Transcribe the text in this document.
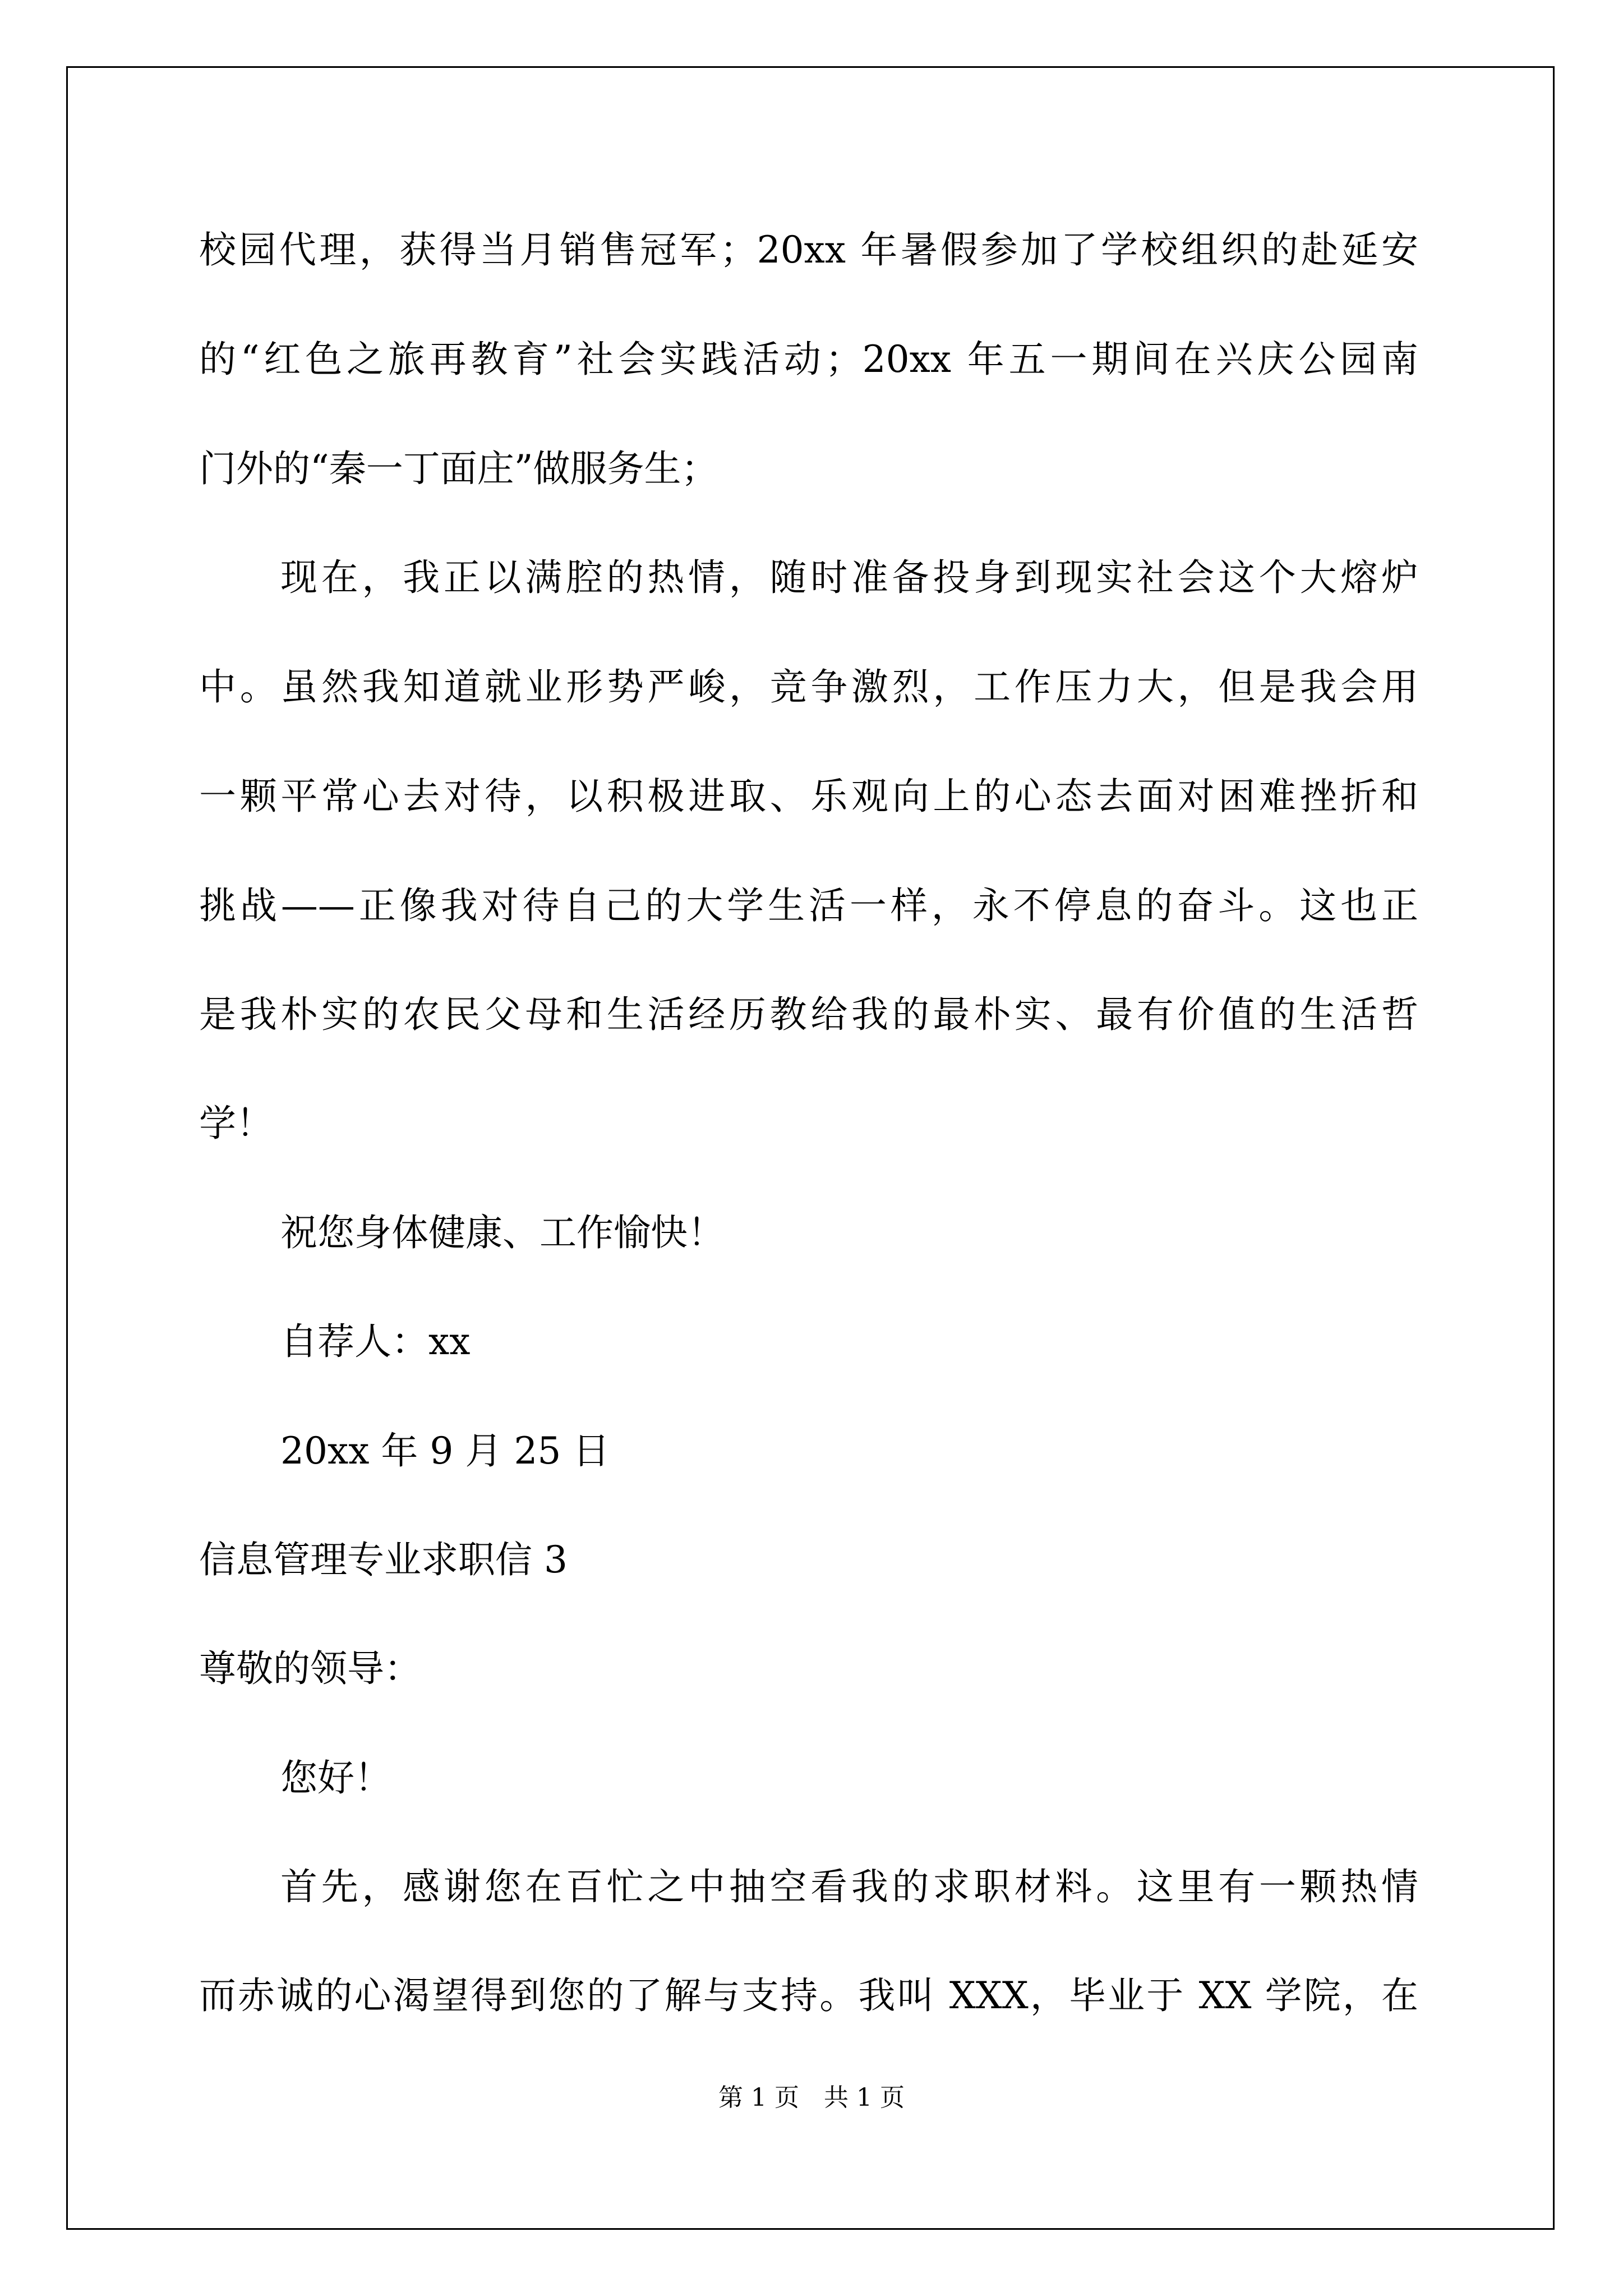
校园代理，获得当月销售冠军；20xx 年暑假参加了学校组织的赴延安

的“红色之旅再教育”社会实践活动；20xx 年五一期间在兴庆公园南

门外的“秦一丁面庄”做服务生；

现在，我正以满腔的热情，随时准备投身到现实社会这个大熔炉

中。虽然我知道就业形势严峻，竞争激烈，工作压力大，但是我会用

一颗平常心去对待，以积极进取、乐观向上的心态去面对困难挫折和

挑战——正像我对待自己的大学生活一样，永不停息的奋斗。这也正

是我朴实的农民父母和生活经历教给我的最朴实、最有价值的生活哲

学！

祝您身体健康、工作愉快！

自荐人：xx

20xx 年 9 月 25 日

信息管理专业求职信 3

尊敬的领导：

您好！

首先，感谢您在百忙之中抽空看我的求职材料。这里有一颗热情

而赤诚的心渴望得到您的了解与支持。我叫 XXX，毕业于 XX 学院，在

第 1 页　共 1 页
